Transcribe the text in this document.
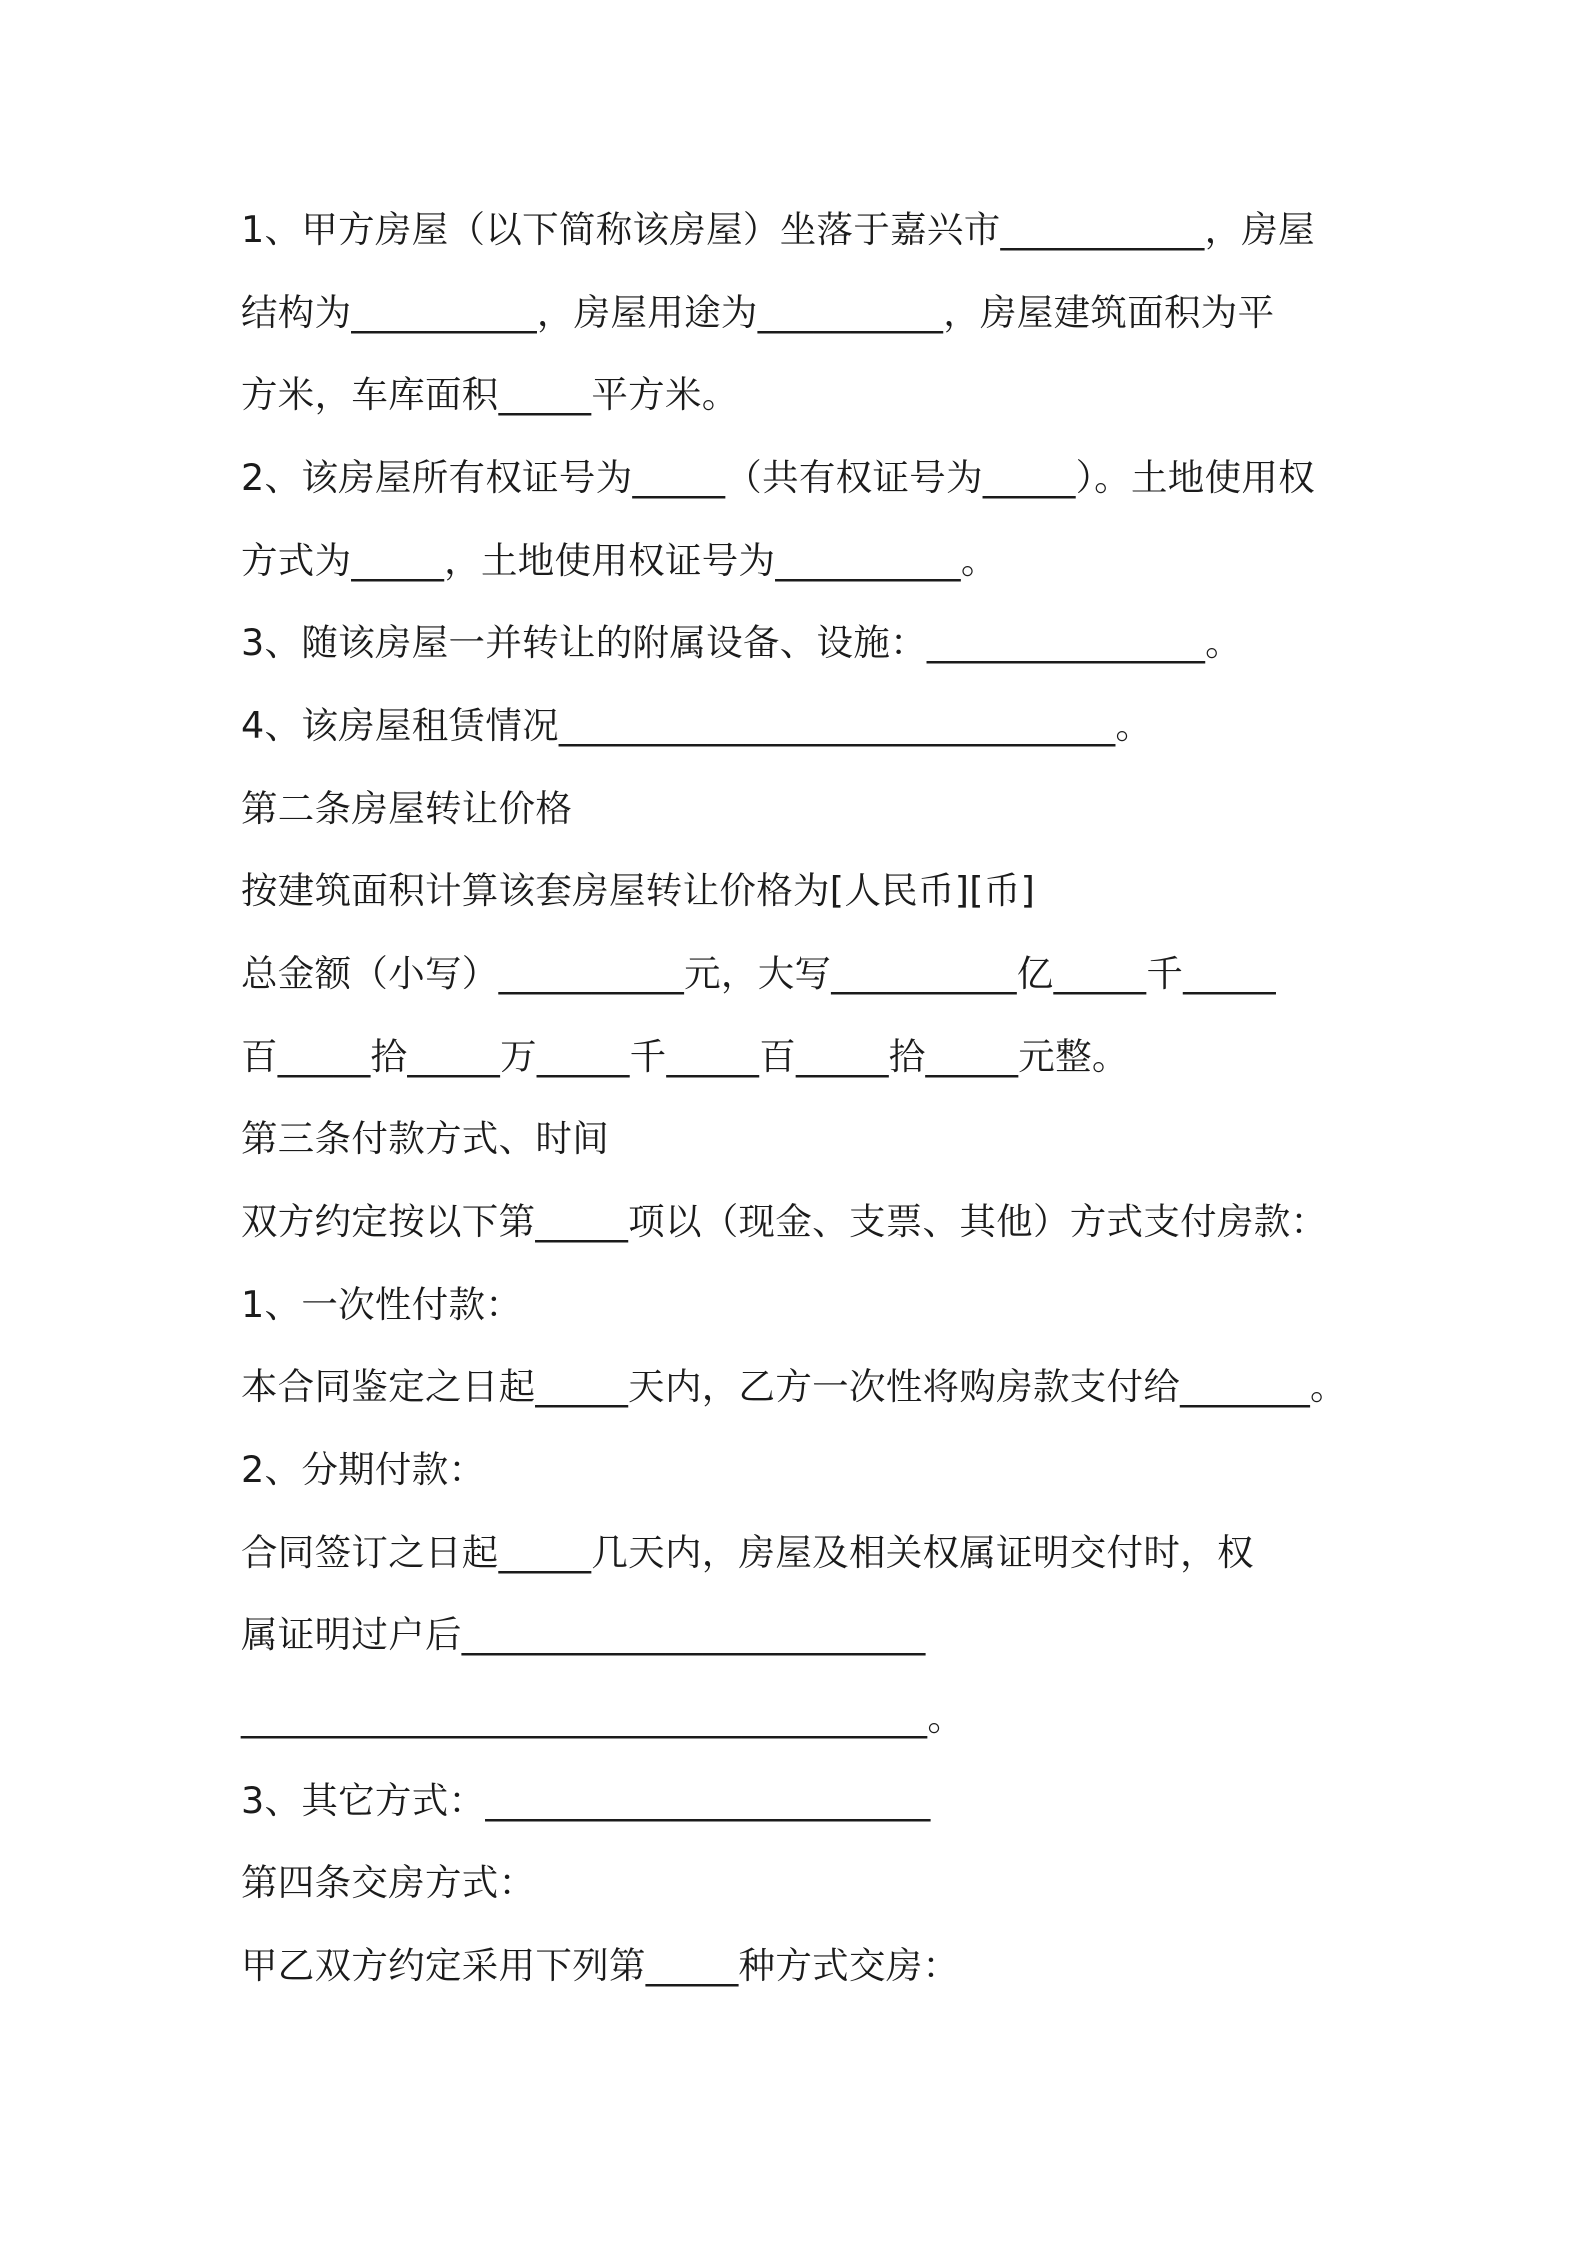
1、甲方房屋（以下简称该房屋）坐落于嘉兴市___________，房屋

结构为__________，房屋用途为__________，房屋建筑面积为平

方米，车库面积_____平方米。

2、该房屋所有权证号为_____（共有权证号为_____）。土地使用权

方式为_____，土地使用权证号为__________。

3、随该房屋一并转让的附属设备、设施：_______________。

4、该房屋租赁情况______________________________。

第二条房屋转让价格

按建筑面积计算该套房屋转让价格为[人民币][币]

总金额（小写）__________元，大写__________亿_____千_____

百_____拾_____万_____千_____百_____拾_____元整。

第三条付款方式、时间

双方约定按以下第_____项以（现金、支票、其他）方式支付房款：

1、一次性付款：

本合同鉴定之日起_____天内，乙方一次性将购房款支付给_______。

2、分期付款：

合同签订之日起_____几天内，房屋及相关权属证明交付时，权

属证明过户后_________________________

_____________________________________。

3、其它方式：________________________

第四条交房方式：

甲乙双方约定采用下列第_____种方式交房：
